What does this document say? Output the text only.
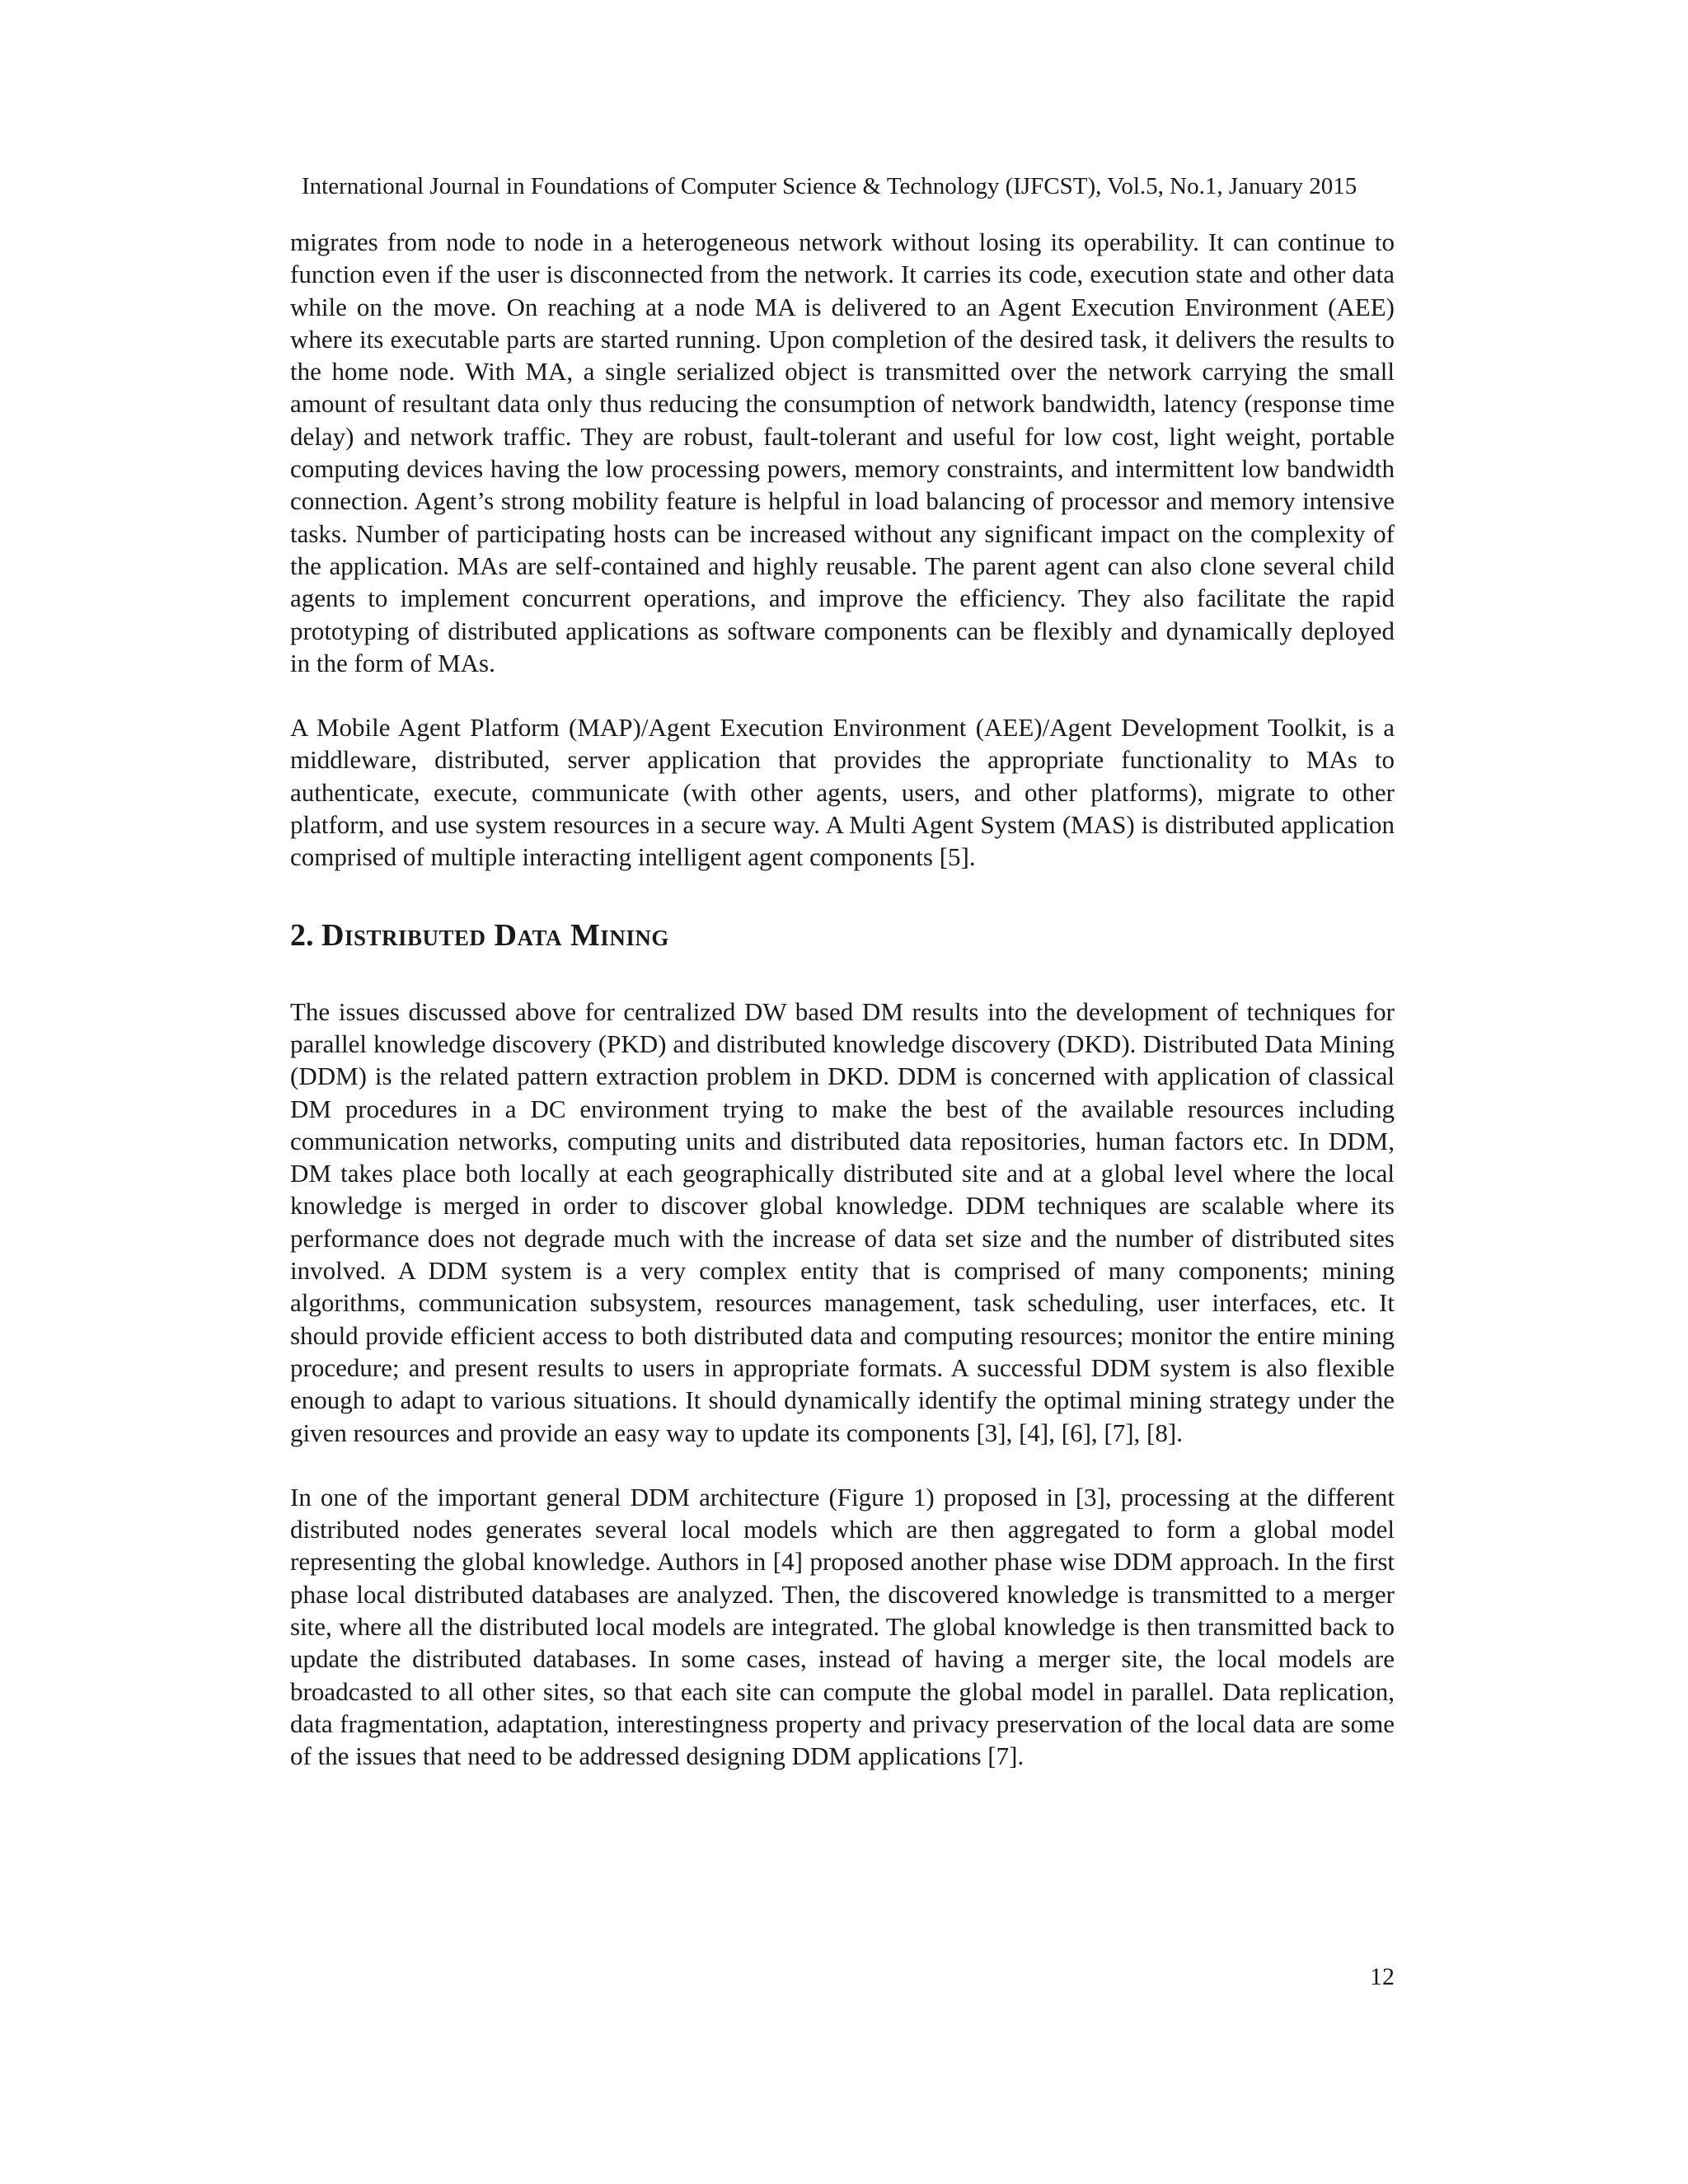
International Journal in Foundations of Computer Science & Technology (IJFCST), Vol.5, No.1, January 2015

migrates from node to node in a heterogeneous network without losing its operability. It can continue to function even if the user is disconnected from the network. It carries its code, execution state and other data while on the move. On reaching at a node MA is delivered to an Agent Execution Environment (AEE) where its executable parts are started running. Upon completion of the desired task, it delivers the results to the home node. With MA, a single serialized object is transmitted over the network carrying the small amount of resultant data only thus reducing the consumption of network bandwidth, latency (response time delay) and network traffic. They are robust, fault-tolerant and useful for low cost, light weight, portable computing devices having the low processing powers, memory constraints, and intermittent low bandwidth connection. Agent’s strong mobility feature is helpful in load balancing of processor and memory intensive tasks. Number of participating hosts can be increased without any significant impact on the complexity of the application. MAs are self-contained and highly reusable. The parent agent can also clone several child agents to implement concurrent operations, and improve the efficiency. They also facilitate the rapid prototyping of distributed applications as software components can be flexibly and dynamically deployed in the form of MAs.

A Mobile Agent Platform (MAP)/Agent Execution Environment (AEE)/Agent Development Toolkit, is a middleware, distributed, server application that provides the appropriate functionality to MAs to authenticate, execute, communicate (with other agents, users, and other platforms), migrate to other platform, and use system resources in a secure way. A Multi Agent System (MAS) is distributed application comprised of multiple interacting intelligent agent components [5].

2. Distributed Data Mining

The issues discussed above for centralized DW based DM results into the development of techniques for parallel knowledge discovery (PKD) and distributed knowledge discovery (DKD). Distributed Data Mining (DDM) is the related pattern extraction problem in DKD. DDM is concerned with application of classical DM procedures in a DC environment trying to make the best of the available resources including communication networks, computing units and distributed data repositories, human factors etc. In DDM, DM takes place both locally at each geographically distributed site and at a global level where the local knowledge is merged in order to discover global knowledge. DDM techniques are scalable where its performance does not degrade much with the increase of data set size and the number of distributed sites involved. A DDM system is a very complex entity that is comprised of many components; mining algorithms, communication subsystem, resources management, task scheduling, user interfaces, etc. It should provide efficient access to both distributed data and computing resources; monitor the entire mining procedure; and present results to users in appropriate formats. A successful DDM system is also flexible enough to adapt to various situations. It should dynamically identify the optimal mining strategy under the given resources and provide an easy way to update its components [3], [4], [6], [7], [8].

In one of the important general DDM architecture (Figure 1) proposed in [3], processing at the different distributed nodes generates several local models which are then aggregated to form a global model representing the global knowledge. Authors in [4] proposed another phase wise DDM approach. In the first phase local distributed databases are analyzed. Then, the discovered knowledge is transmitted to a merger site, where all the distributed local models are integrated. The global knowledge is then transmitted back to update the distributed databases. In some cases, instead of having a merger site, the local models are broadcasted to all other sites, so that each site can compute the global model in parallel. Data replication, data fragmentation, adaptation, interestingness property and privacy preservation of the local data are some of the issues that need to be addressed designing DDM applications [7].

12
